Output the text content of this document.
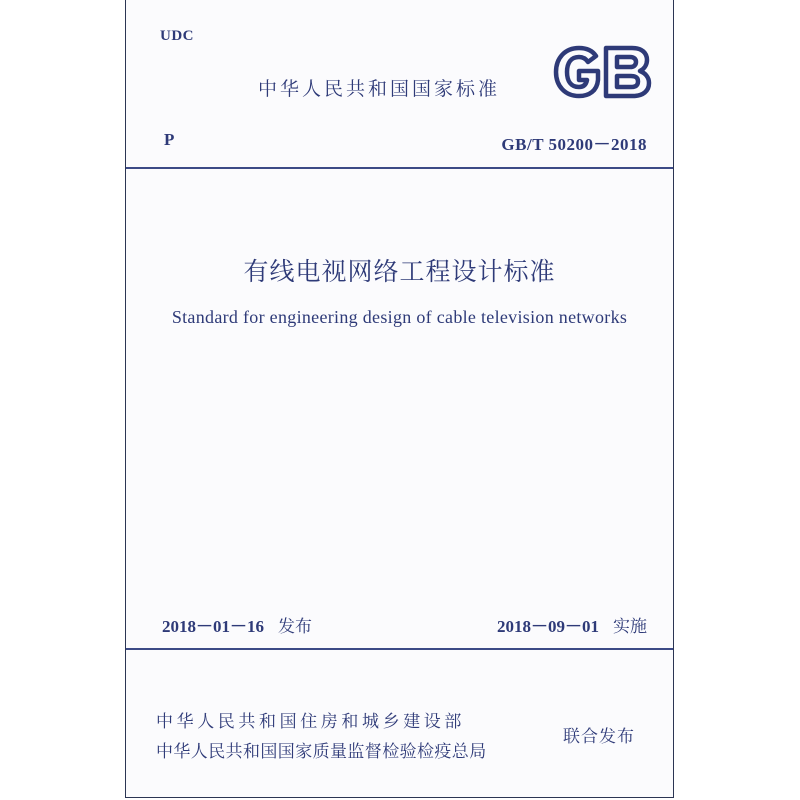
UDC
中华人民共和国国家标准
P	GB/T 50200－2018
有线电视网络工程设计标准
Standard for engineering design of cable television networks
2018－01－16 发布	2018－09－01 实施
中华人民共和国住房和城乡建设部
中华人民共和国国家质量监督检验检疫总局
联合发布
